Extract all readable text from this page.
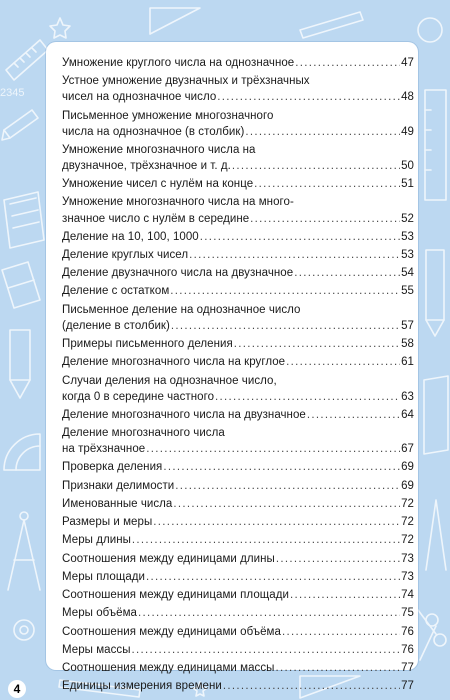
2345
Умножение круглого числа на однозначное .....	47
Устное умножение двузначных и трёхзначных
чисел на однозначное число .....	48
Письменное умножение многозначного
числа на однозначное (в столбик) .....	49
Умножение многозначного числа на
двузначное, трёхзначное и т. д. .....	50
Умножение чисел с нулём на конце .....	51
Умножение многозначного числа на много-
значное число с нулём в середине .....	52
Деление на 10, 100, 1000 .....	53
Деление круглых чисел .....	53
Деление двузначного числа на двузначное .....	54
Деление с остатком .....	55
Письменное деление на однозначное число
(деление в столбик) .....	57
Примеры письменного деления .....	58
Деление многозначного числа на круглое .....	61
Случаи деления на однозначное число,
когда 0 в середине частного .....	63
Деление многозначного числа на двузначное .....	64
Деление многозначного числа
на трёхзначное .....	67
Проверка деления .....	69
Признаки делимости .....	69
Именованные числа .....	72
Размеры и меры .....	72
Меры длины .....	72
Соотношения между единицами длины .....	73
Меры площади .....	73
Соотношения между единицами площади .....	74
Меры объёма .....	75
Соотношения между единицами объёма .....	76
Меры массы .....	76
Соотношения между единицами массы .....	77
Единицы измерения времени .....	77
4
